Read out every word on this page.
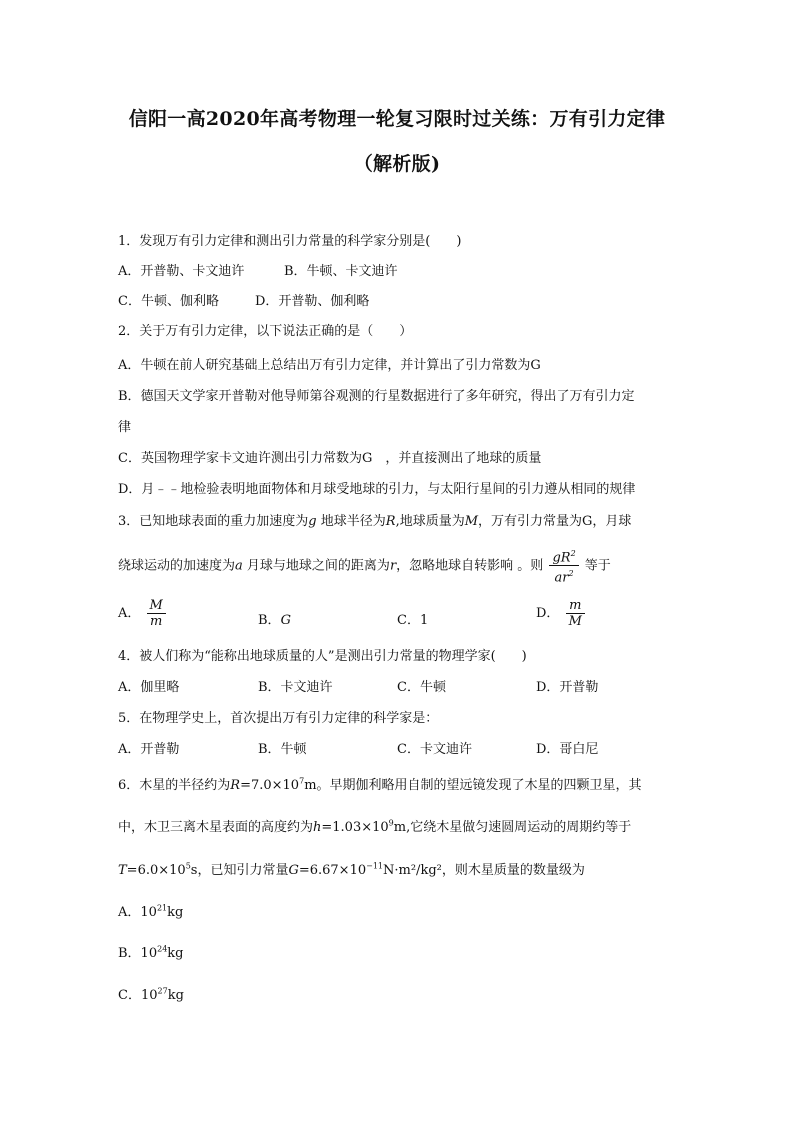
信阳一高2020年高考物理一轮复习限时过关练：万有引力定律
（解析版)
1．发现万有引力定律和测出引力常量的科学家分别是(　　)
A．开普勒、卡文迪许	B．牛顿、卡文迪许
C．牛顿、伽利略	D．开普勒、伽利略
2．关于万有引力定律，以下说法正确的是（　　）
A．牛顿在前人研究基础上总结出万有引力定律，并计算出了引力常数为G
B．德国天文学家开普勒对他导师第谷观测的行星数据进行了多年研究，得出了万有引力定
律
C．英国物理学家卡文迪许测出引力常数为G　，并直接测出了地球的质量
D．月﹣﹣地检验表明地面物体和月球受地球的引力，与太阳行星间的引力遵从相同的规律
3．已知地球表面的重力加速度为g 地球半径为R,地球质量为M，万有引力常量为G，月球
绕球运动的加速度为a 月球与地球之间的距离为r，忽略地球自转影响 。则 $\frac{gR^2}{ar^2}$ 等于
A． $\frac{M}{m}$	B．G	C．1	D． $\frac{m}{M}$
4．被人们称为“能称出地球质量的人”是测出引力常量的物理学家(　　)
A．伽里略	B．卡文迪许	C．牛顿	D．开普勒
5．在物理学史上，首次提出万有引力定律的科学家是：
A．开普勒	B．牛顿	C．卡文迪许	D．哥白尼
6．木星的半径约为$R=7.0\times 10^7m$。早期伽利略用自制的望远镜发现了木星的四颗卫星，其
中，木卫三离木星表面的高度约为$h=1.03\times 10^9m$,它绕木星做匀速圆周运动的周期约等于
$T=6.0\times 10^5s$，已知引力常量$G=6.67\times 10^{-11}N\cdot m^2$/kg²，则木星质量的数量级为
A．$10^{21}kg$
B．$10^{24}kg$
C．$10^{27}kg$
